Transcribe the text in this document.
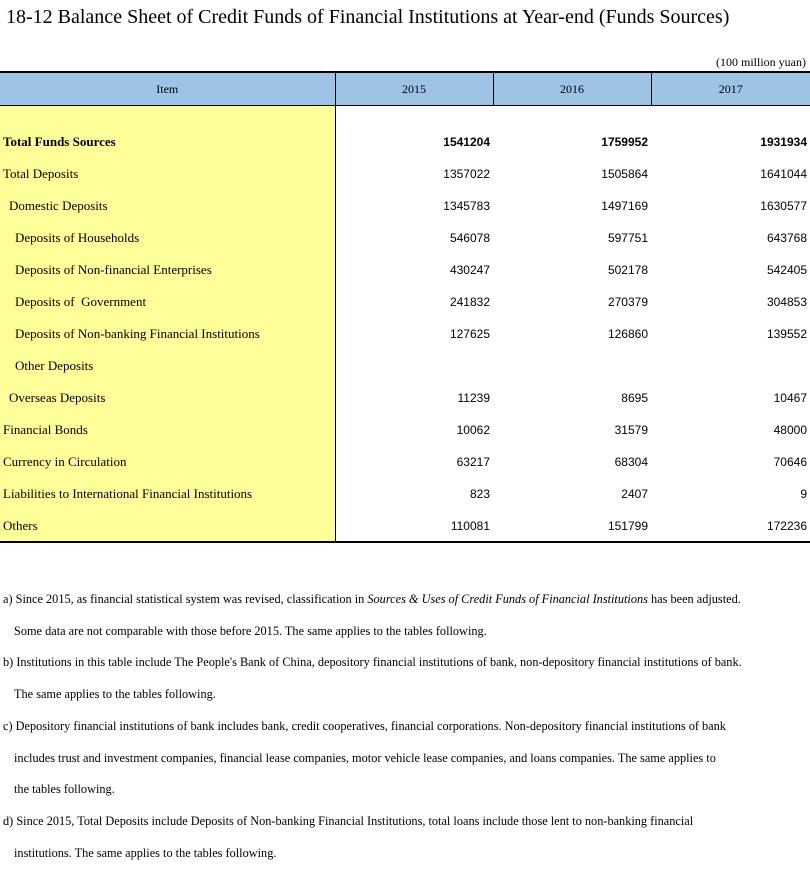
18-12 Balance Sheet of Credit Funds of Financial Institutions at Year-end (Funds Sources)
(100 million yuan)
Item	2015	2016	2017

Total Funds Sources	1541204	1759952	1931934
Total Deposits	1357022	1505864	1641044
Domestic Deposits	1345783	1497169	1630577
Deposits of Households	546078	597751	643768
Deposits of Non-financial Enterprises	430247	502178	542405
Deposits of  Government	241832	270379	304853
Deposits of Non-banking Financial Institutions	127625	126860	139552
Other Deposits			
Overseas Deposits	11239	8695	10467
Financial Bonds	10062	31579	48000
Currency in Circulation	63217	68304	70646
Liabilities to International Financial Institutions	823	2407	9
Others	110081	151799	172236

a) Since 2015, as financial statistical system was revised, classification in Sources & Uses of Credit Funds of Financial Institutions has been adjusted.
Some data are not comparable with those before 2015. The same applies to the tables following.

b) Institutions in this table include The People's Bank of China, depository financial institutions of bank, non-depository financial institutions of bank.
The same applies to the tables following.

c) Depository financial institutions of bank includes bank, credit cooperatives, financial corporations. Non-depository financial institutions of bank
includes trust and investment companies, financial lease companies, motor vehicle lease companies, and loans companies. The same applies to
the tables following.

d) Since 2015, Total Deposits include Deposits of Non-banking Financial Institutions, total loans include those lent to non-banking financial
institutions. The same applies to the tables following.
